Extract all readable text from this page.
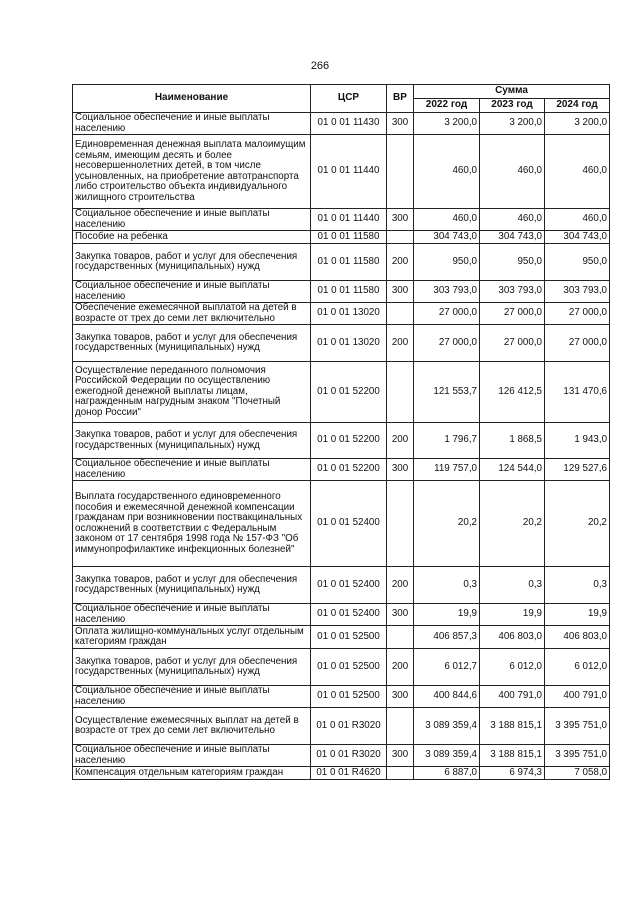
266
Наименование	ЦСР	ВР	Сумма		
			2022 год	2023 год	2024 год
Социальное обеспечение и иные выплаты населению	01 0 01 11430	300	3 200,0	3 200,0	3 200,0
Единовременная денежная выплата малоимущим семьям, имеющим десять и более несовершеннолетних детей, в том числе усыновленных, на приобретение автотранспорта либо строительство объекта индивидуального жилищного строительства	01 0 01 11440		460,0	460,0	460,0
Социальное обеспечение и иные выплаты населению	01 0 01 11440	300	460,0	460,0	460,0
Пособие на ребенка	01 0 01 11580		304 743,0	304 743,0	304 743,0
Закупка товаров, работ и услуг для обеспечения государственных (муниципальных) нужд	01 0 01 11580	200	950,0	950,0	950,0
Социальное обеспечение и иные выплаты населению	01 0 01 11580	300	303 793,0	303 793,0	303 793,0
Обеспечение ежемесячной выплатой на детей в возрасте от трех до семи лет включительно	01 0 01 13020		27 000,0	27 000,0	27 000,0
Закупка товаров, работ и услуг для обеспечения государственных (муниципальных) нужд	01 0 01 13020	200	27 000,0	27 000,0	27 000,0
Осуществление переданного полномочия Российской Федерации по осуществлению ежегодной денежной выплаты лицам, награжденным нагрудным знаком "Почетный донор России"	01 0 01 52200		121 553,7	126 412,5	131 470,6
Закупка товаров, работ и услуг для обеспечения государственных (муниципальных) нужд	01 0 01 52200	200	1 796,7	1 868,5	1 943,0
Социальное обеспечение и иные выплаты населению	01 0 01 52200	300	119 757,0	124 544,0	129 527,6
Выплата государственного единовременного пособия и ежемесячной денежной компенсации гражданам при возникновении поствакцинальных осложнений в соответствии с Федеральным законом от 17 сентября 1998 года № 157-ФЗ "Об иммунопрофилактике инфекционных болезней"	01 0 01 52400		20,2	20,2	20,2
Закупка товаров, работ и услуг для обеспечения государственных (муниципальных) нужд	01 0 01 52400	200	0,3	0,3	0,3
Социальное обеспечение и иные выплаты населению	01 0 01 52400	300	19,9	19,9	19,9
Оплата жилищно-коммунальных услуг отдельным категориям граждан	01 0 01 52500		406 857,3	406 803,0	406 803,0
Закупка товаров, работ и услуг для обеспечения государственных (муниципальных) нужд	01 0 01 52500	200	6 012,7	6 012,0	6 012,0
Социальное обеспечение и иные выплаты населению	01 0 01 52500	300	400 844,6	400 791,0	400 791,0
Осуществление ежемесячных выплат на детей в возрасте от трех до семи лет включительно	01 0 01 R3020		3 089 359,4	3 188 815,1	3 395 751,0
Социальное обеспечение и иные выплаты населению	01 0 01 R3020	300	3 089 359,4	3 188 815,1	3 395 751,0
Компенсация отдельным категориям граждан	01 0 01 R4620		6 887,0	6 974,3	7 058,0
